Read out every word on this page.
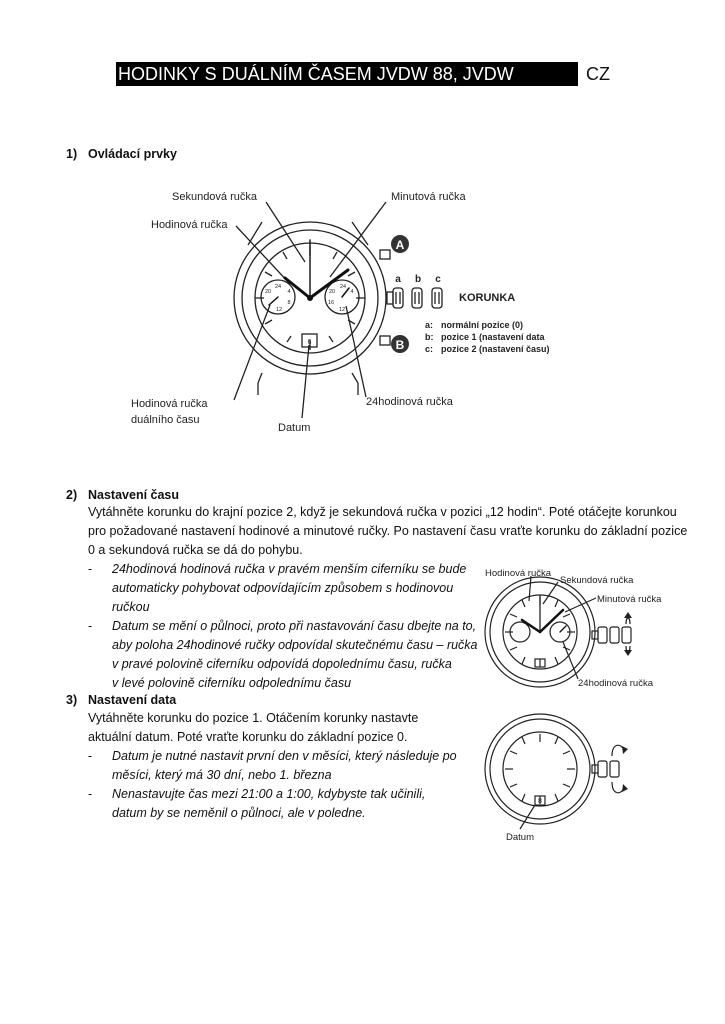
HODINKY S DUÁLNÍM ČASEM JVDW 88, JVDW	CZ
1) Ovládací prvky
A
B
24
20	4
8
12
24
20	4
16
12
6
Sekundová ručka	Minutová ručka
Hodinová ručka
Hodinová ručka
duálního času
Datum
24hodinová ručka
a b c
KORUNKA
a: normální pozice (0)
b: pozice 1 (nastavení data
c: pozice 2 (nastavení času)
Hodinová ručka
Sekundová ručka
Minutová ručka
24hodinová ručka
8
Datum
2) Nastavení času
Vytáhněte korunku do krajní pozice 2, když je sekundová ručka v pozici „12 hodin“. Poté otáčejte korunkou
pro požadované nastavení hodinové a minutové ručky. Po nastavení času vraťte korunku do základní pozice
0 a sekundová ručka se dá do pohybu.
- 24hodinová hodinová ručka v pravém menším ciferníku se bude
automaticky pohybovat odpovídajícím způsobem s hodinovou
ručkou
- Datum se mění o půlnoci, proto při nastavování času dbejte na to,
aby poloha 24hodinové ručky odpovídal skutečnému času – ručka
v pravé polovině ciferníku odpovídá dopolednímu času, ručka
v levé polovině ciferníku odpolednímu času
3) Nastavení data
Vytáhněte korunku do pozice 1. Otáčením korunky nastavte
aktuální datum. Poté vraťte korunku do základní pozice 0.
- Datum je nutné nastavit první den v měsíci, který následuje po
měsíci, který má 30 dní, nebo 1. března
- Nenastavujte čas mezi 21:00 a 1:00, kdybyste tak učinili,
datum by se neměnil o půlnoci, ale v poledne.
